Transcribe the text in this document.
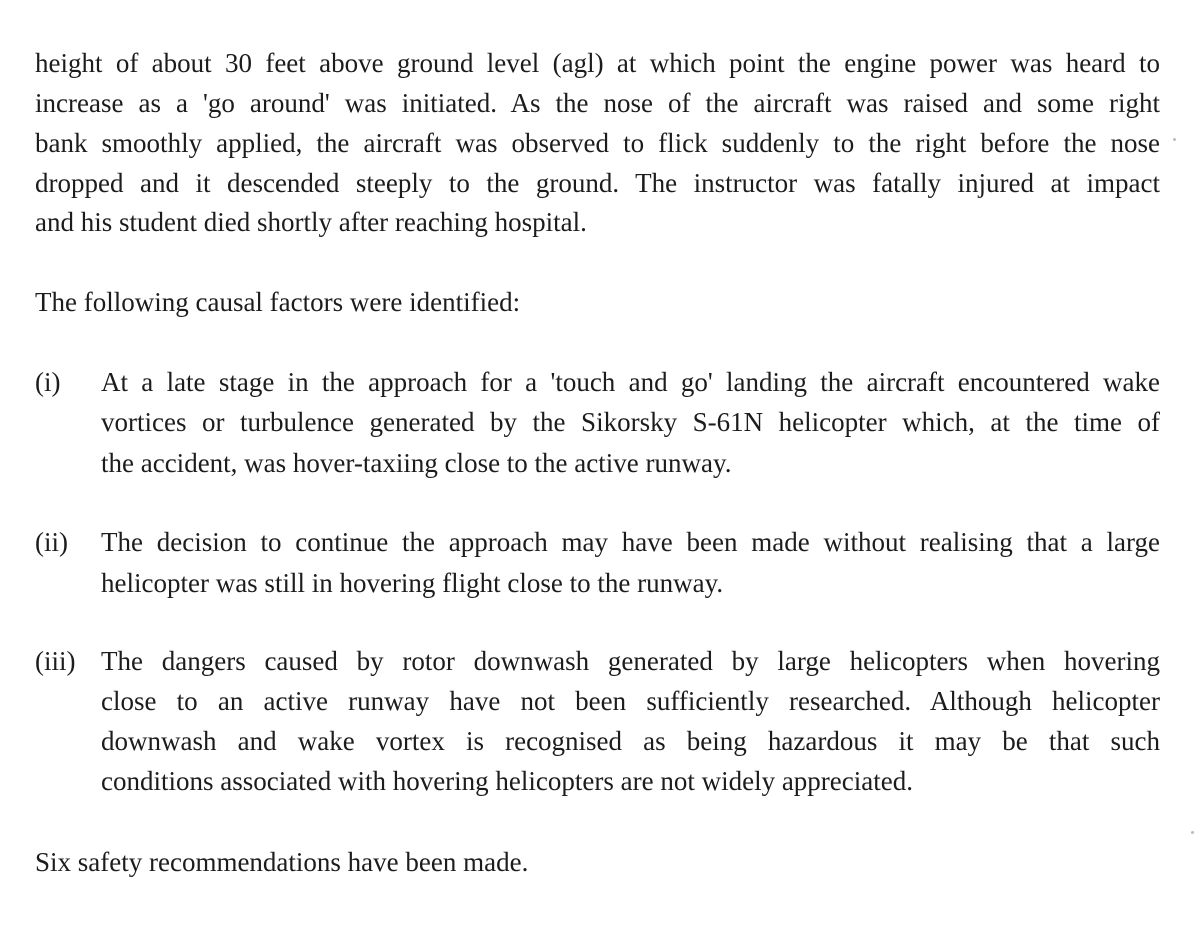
height of about 30 feet above ground level (agl) at which point the engine power was heard to
increase as a 'go around' was initiated. As the nose of the aircraft was raised and some right
bank smoothly applied, the aircraft was observed to flick suddenly to the right before the nose
dropped and it descended steeply to the ground. The instructor was fatally injured at impact
and his student died shortly after reaching hospital.
The following causal factors were identified:
(i) At a late stage in the approach for a 'touch and go' landing the aircraft encountered wake
vortices or turbulence generated by the Sikorsky S-61N helicopter which, at the time of
the accident, was hover-taxiing close to the active runway.
(ii) The decision to continue the approach may have been made without realising that a large
helicopter was still in hovering flight close to the runway.
(iii) The dangers caused by rotor downwash generated by large helicopters when hovering
close to an active runway have not been sufficiently researched. Although helicopter
downwash and wake vortex is recognised as being hazardous it may be that such
conditions associated with hovering helicopters are not widely appreciated.
Six safety recommendations have been made.
